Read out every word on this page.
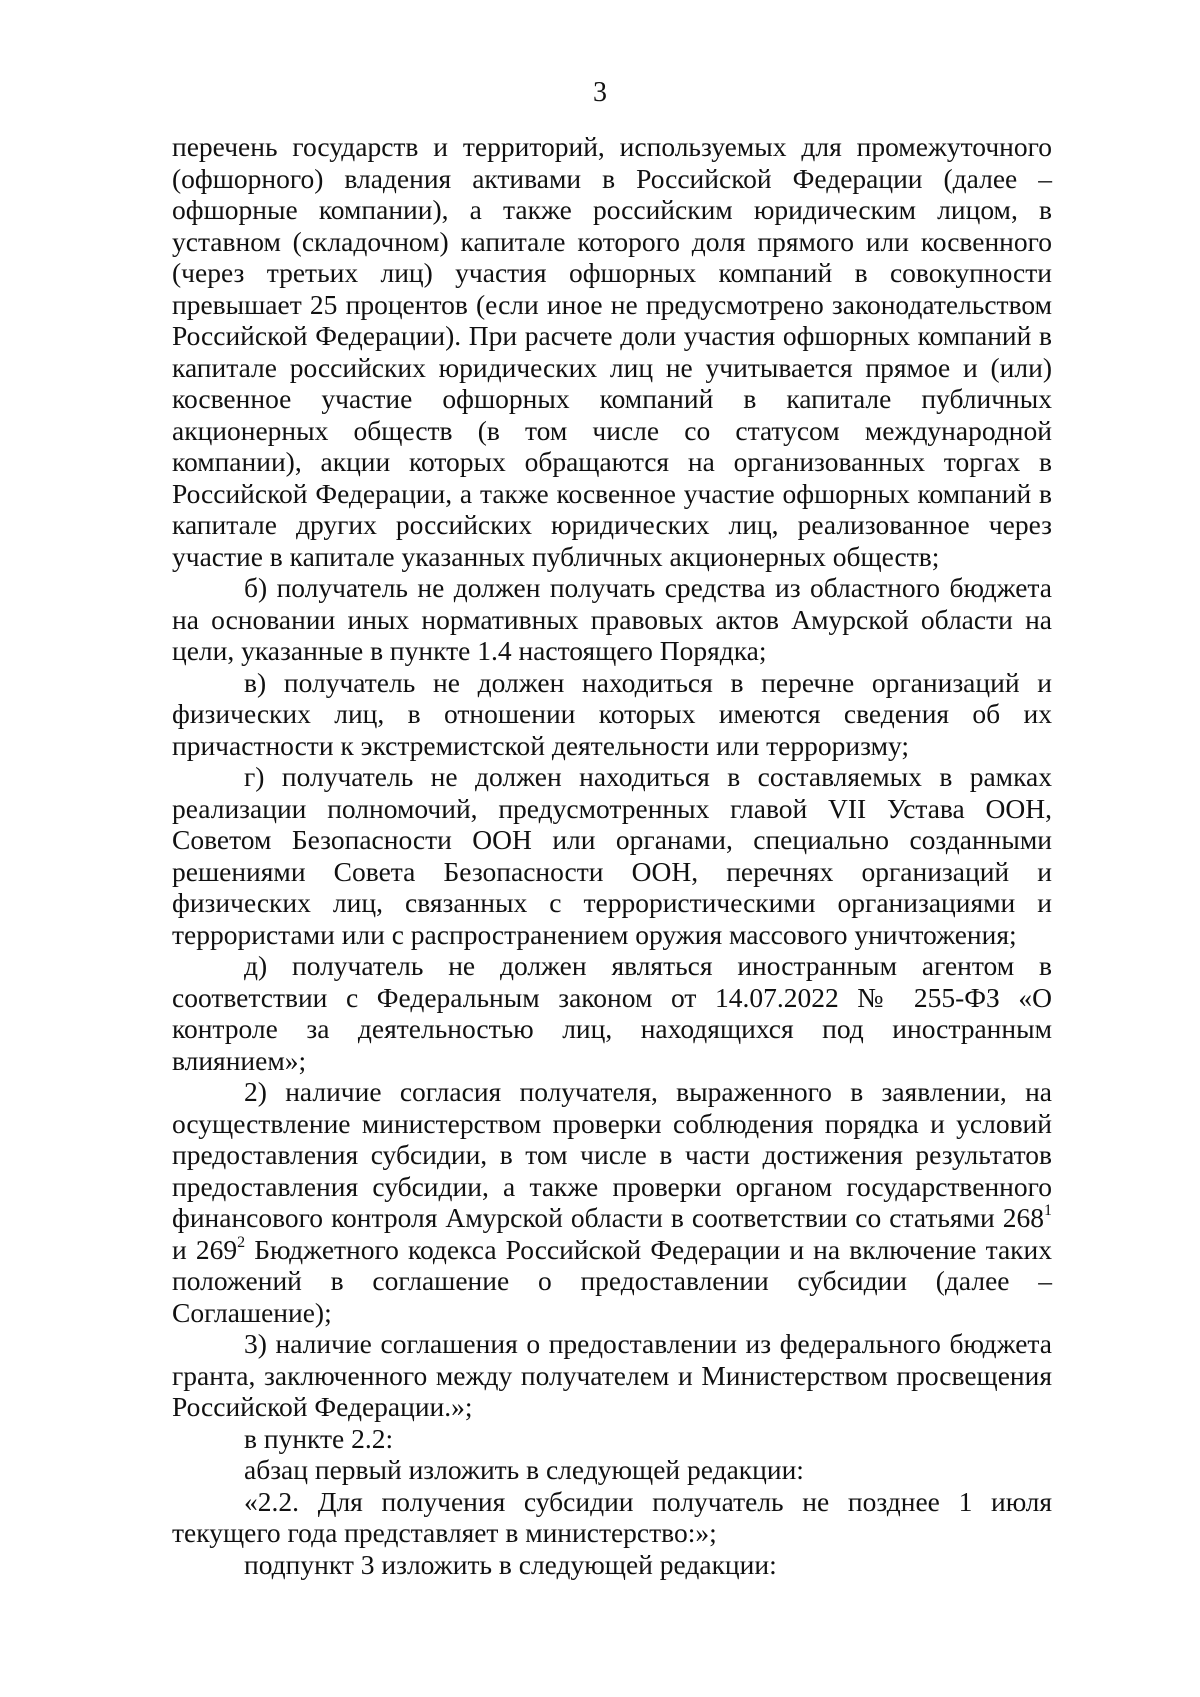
3

перечень государств и территорий, используемых для промежуточного (офшорного) владения активами в Российской Федерации (далее – офшорные компании), а также российским юридическим лицом, в уставном (складочном) капитале которого доля прямого или косвенного (через третьих лиц) участия офшорных компаний в совокупности превышает 25 процентов (если иное не предусмотрено законодательством Российской Федерации). При расчете доли участия офшорных компаний в капитале российских юридических лиц не учитывается прямое и (или) косвенное участие офшорных компаний в капитале публичных акционерных обществ (в том числе со статусом международной компании), акции которых обращаются на организованных торгах в Российской Федерации, а также косвенное участие офшорных компаний в капитале других российских юридических лиц, реализованное через участие в капитале указанных публичных акционерных обществ;

б) получатель не должен получать средства из областного бюджета на основании иных нормативных правовых актов Амурской области на цели, указанные в пункте 1.4 настоящего Порядка;

в) получатель не должен находиться в перечне организаций и физических лиц, в отношении которых имеются сведения об их причастности к экстремистской деятельности или терроризму;

г) получатель не должен находиться в составляемых в рамках реализации полномочий, предусмотренных главой VII Устава ООН, Советом Безопасности ООН или органами, специально созданными решениями Совета Безопасности ООН, перечнях организаций и физических лиц, связанных с террористическими организациями и террористами или с распространением оружия массового уничтожения;

д) получатель не должен являться иностранным агентом в соответствии с Федеральным законом от 14.07.2022 № 255-ФЗ «О контроле за деятельностью лиц, находящихся под иностранным влиянием»;

2) наличие согласия получателя, выраженного в заявлении, на осуществление министерством проверки соблюдения порядка и условий предоставления субсидии, в том числе в части достижения результатов предоставления субсидии, а также проверки органом государственного финансового контроля Амурской области в соответствии со статьями $268^1$ и $269^2$ Бюджетного кодекса Российской Федерации и на включение таких положений в соглашение о предоставлении субсидии (далее – Соглашение);

3) наличие соглашения о предоставлении из федерального бюджета гранта, заключенного между получателем и Министерством просвещения Российской Федерации.»;

в пункте 2.2:

абзац первый изложить в следующей редакции:

«2.2. Для получения субсидии получатель не позднее 1 июля текущего года представляет в министерство:»;

подпункт 3 изложить в следующей редакции:
